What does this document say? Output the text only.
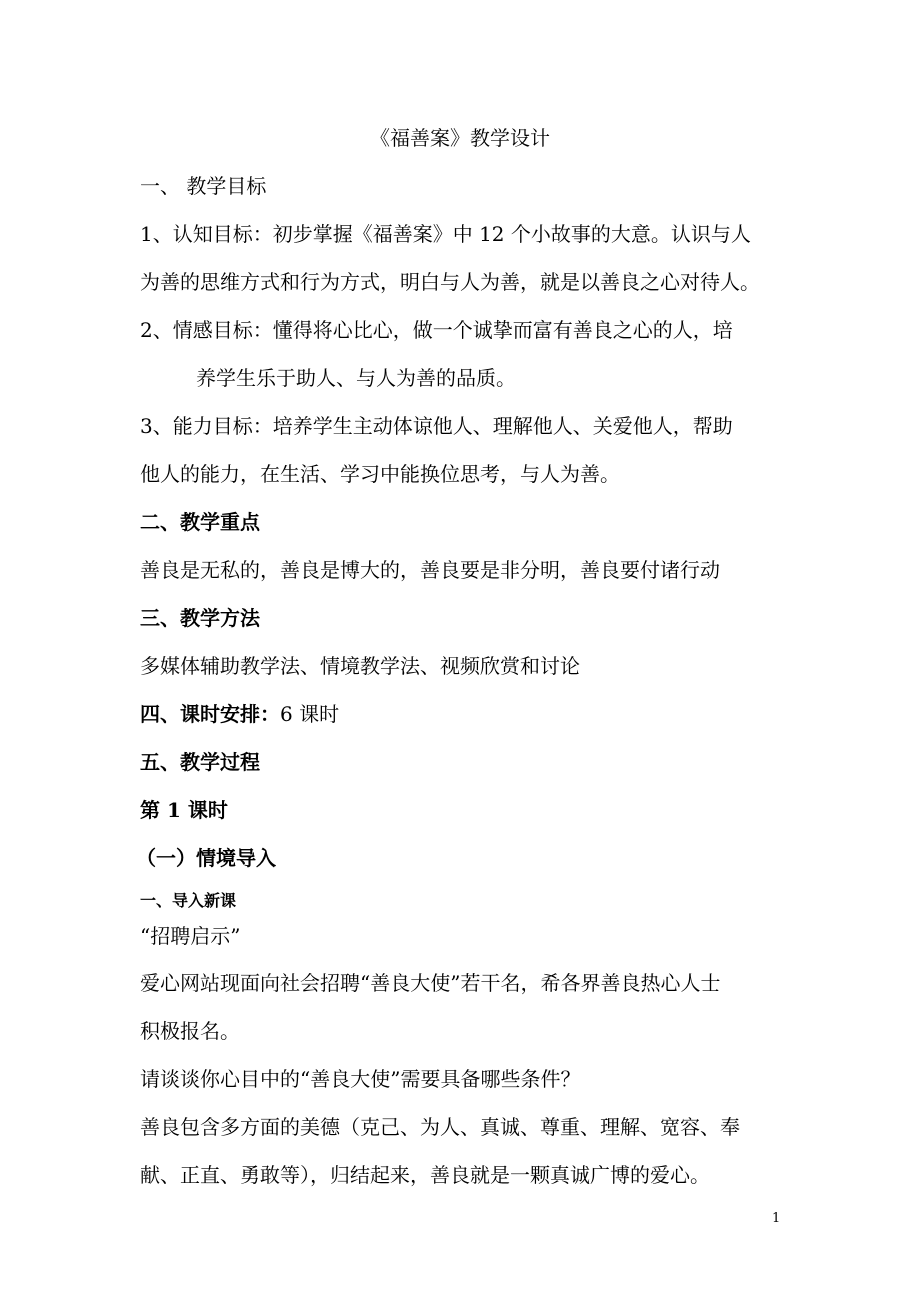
《福善案》教学设计
一、 教学目标
1、认知目标：初步掌握《福善案》中 12 个小故事的大意。认识与人
为善的思维方式和行为方式，明白与人为善，就是以善良之心对待人。
2、情感目标：懂得将心比心，做一个诚挚而富有善良之心的人，培
养学生乐于助人、与人为善的品质。
3、能力目标：培养学生主动体谅他人、理解他人、关爱他人，帮助
他人的能力，在生活、学习中能换位思考，与人为善。
二、教学重点
善良是无私的，善良是博大的，善良要是非分明，善良要付诸行动
三、教学方法
多媒体辅助教学法、情境教学法、视频欣赏和讨论
四、课时安排：6 课时
五、教学过程
第 1 课时
（一）情境导入
一、导入新课
“招聘启示”
爱心网站现面向社会招聘“善良大使”若干名，希各界善良热心人士
积极报名。
请谈谈你心目中的“善良大使”需要具备哪些条件？
善良包含多方面的美德（克己、为人、真诚、尊重、理解、宽容、奉
献、正直、勇敢等），归结起来，善良就是一颗真诚广博的爱心。
1
